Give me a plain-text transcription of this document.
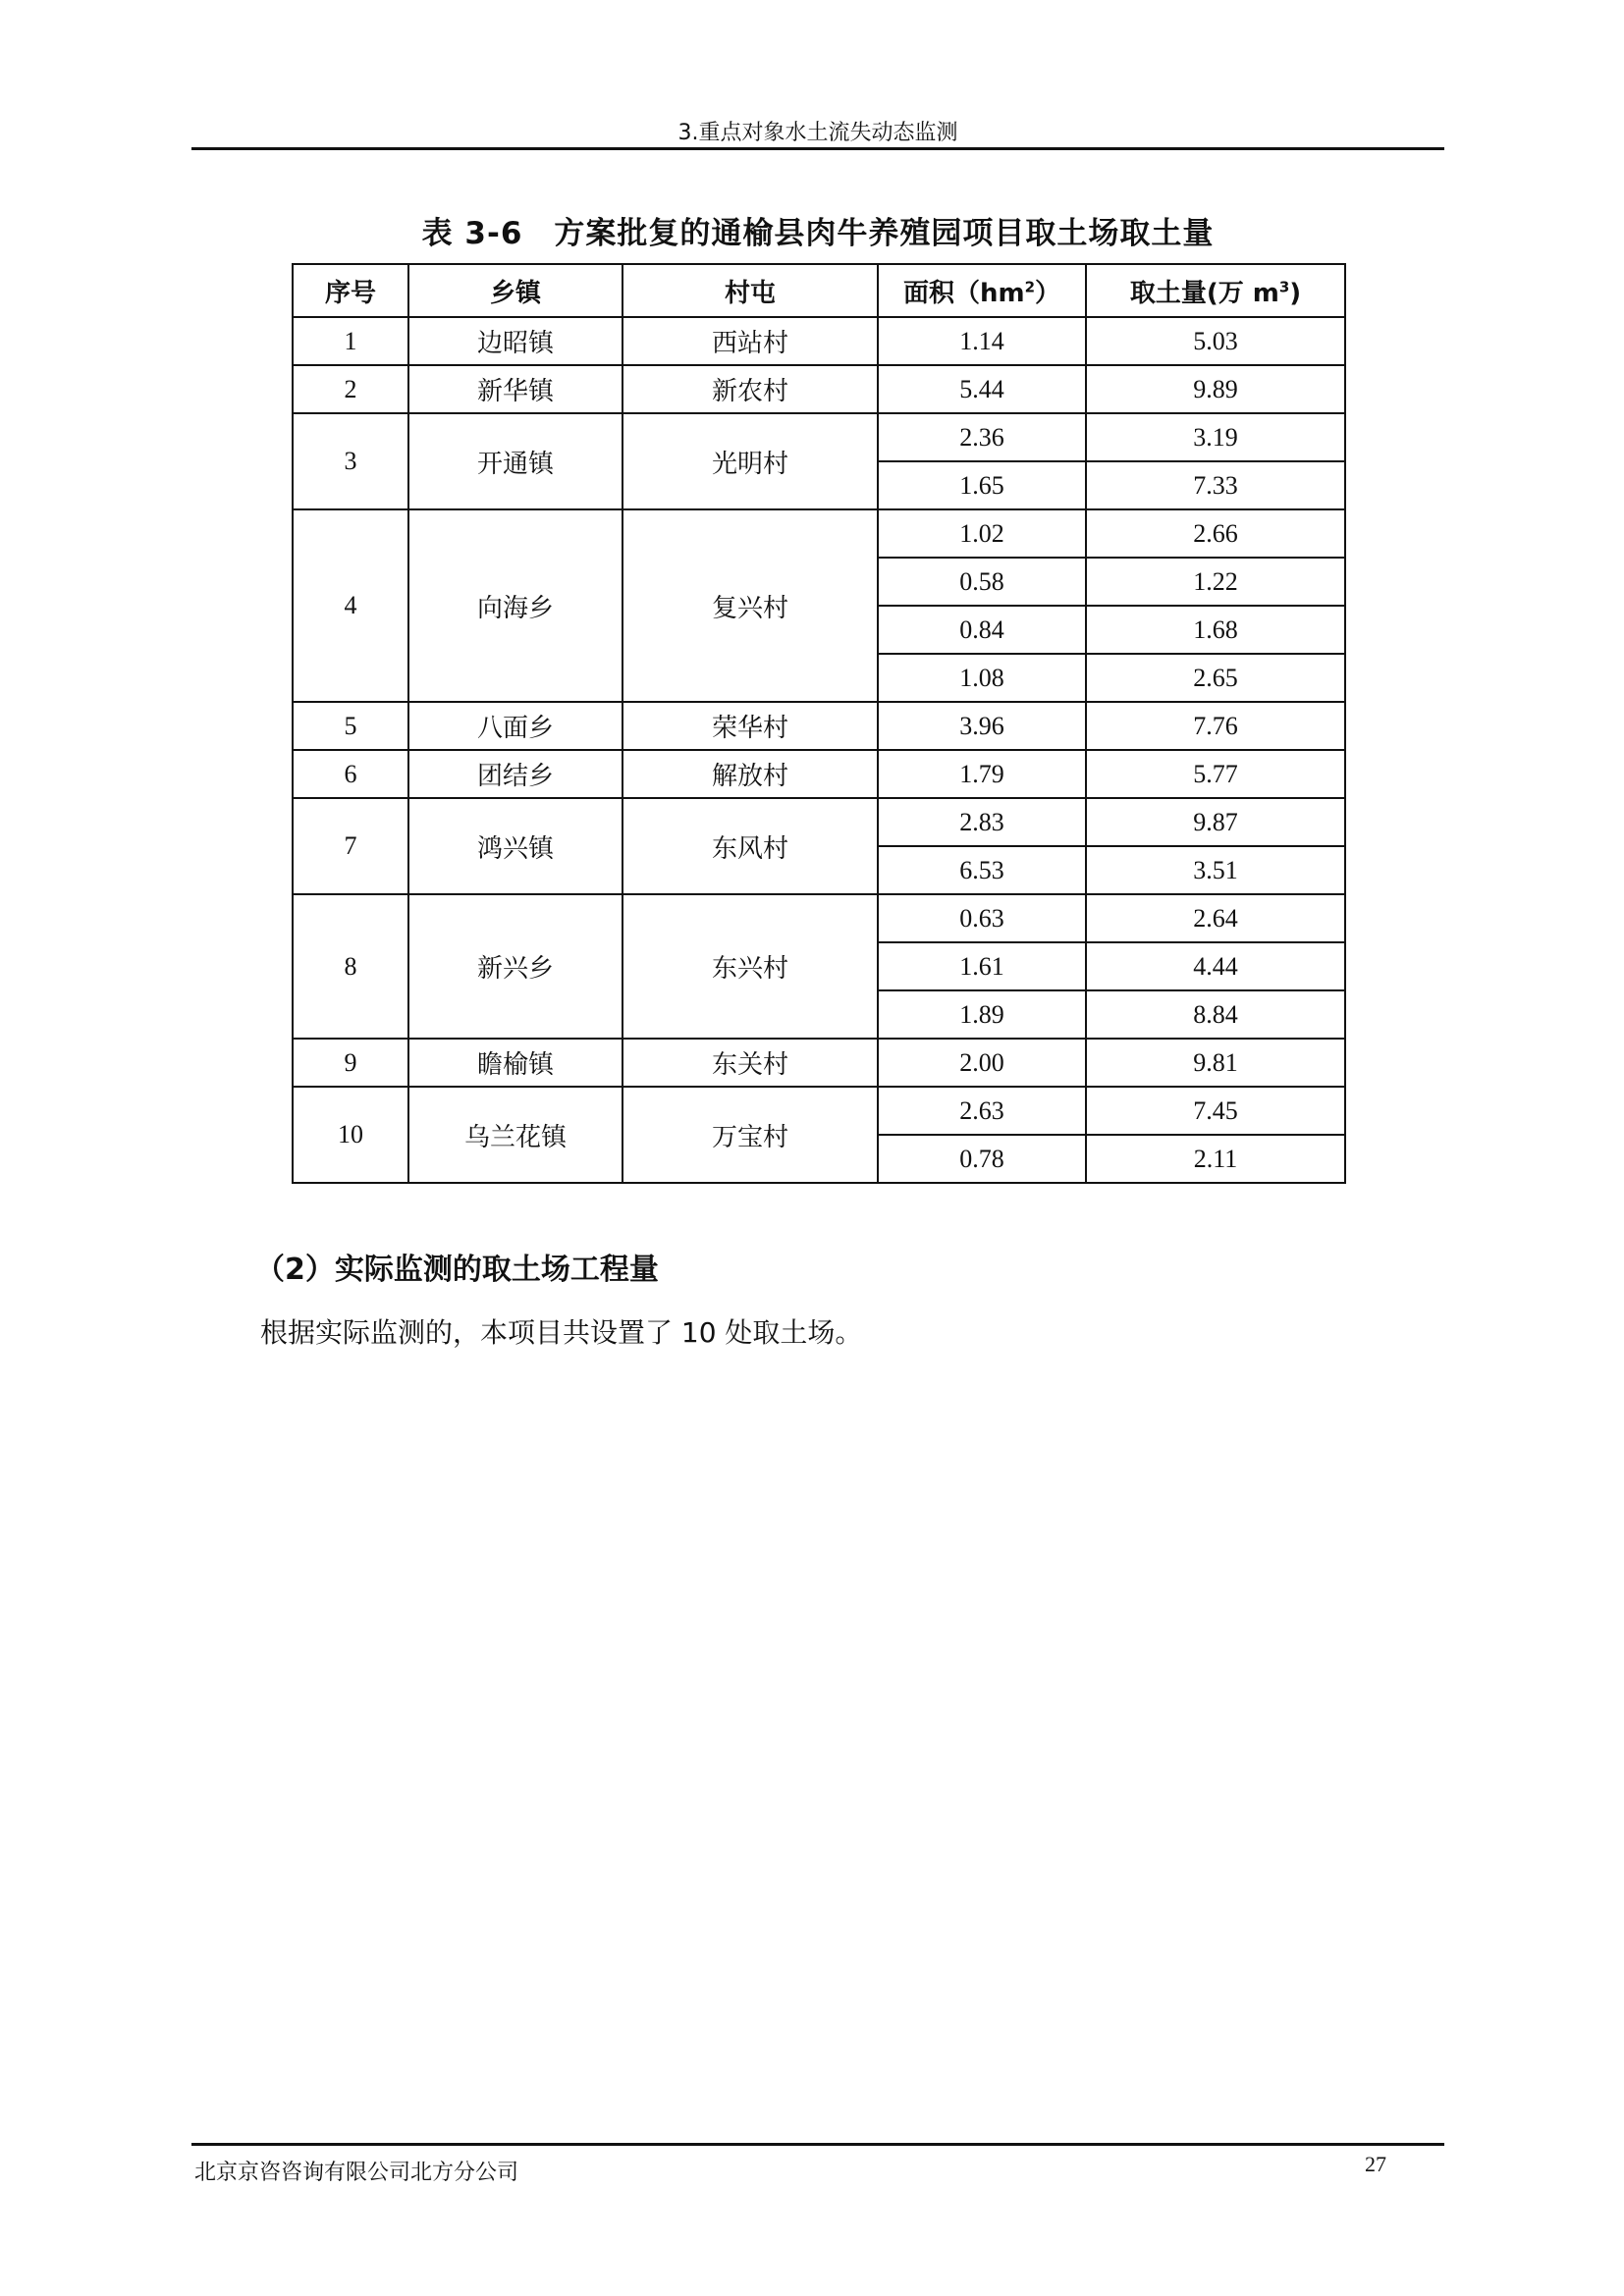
3.重点对象水土流失动态监测
表 3-6　方案批复的通榆县肉牛养殖园项目取土场取土量
序号	乡镇	村屯	面积$(hm^2)$	取土量(万 $m^3$)
1	边昭镇	西站村	1.14	5.03
2	新华镇	新农村	5.44	9.89
3	开通镇	光明村	2.36	3.19
			1.65	7.33
4	向海乡	复兴村	1.02	2.66
			0.58	1.22
			0.84	1.68
			1.08	2.65
5	八面乡	荣华村	3.96	7.76
6	团结乡	解放村	1.79	5.77
7	鸿兴镇	东风村	2.83	9.87
			6.53	3.51
8	新兴乡	东兴村	0.63	2.64
			1.61	4.44
			1.89	8.84
9	瞻榆镇	东关村	2.00	9.81
10	乌兰花镇	万宝村	2.63	7.45
			0.78	2.11
（2）实际监测的取土场工程量
根据实际监测的，本项目共设置了 10 处取土场。
北京京咨咨询有限公司北方分公司	27
